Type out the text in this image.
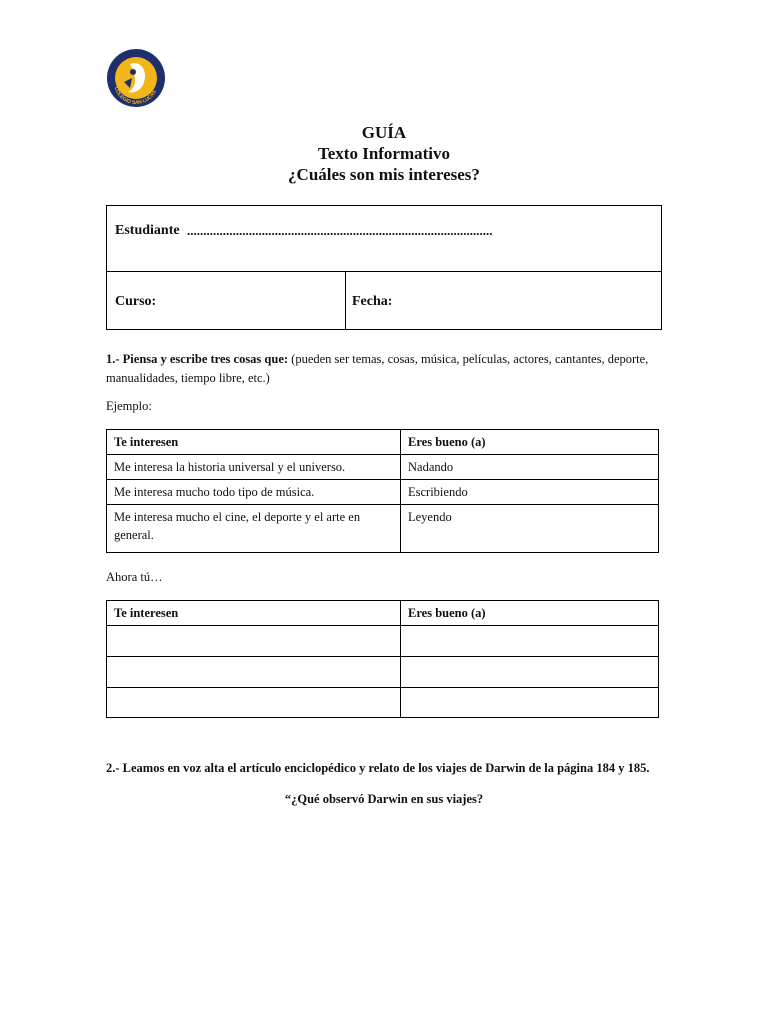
COLEGIO SAN LUCAS
GUÍA
Texto Informativo
¿Cuáles son mis intereses?
Estudiante ..............................................................................................
Curso:	Fecha:
1.- Piensa y escribe tres cosas que: (pueden ser temas, cosas, música, películas, actores, cantantes, deporte, manualidades, tiempo libre, etc.)
Ejemplo:
Te interesen	Eres bueno (a)
Me interesa la historia universal y el universo.	Nadando
Me interesa mucho todo tipo de música.	Escribiendo
Me interesa mucho el cine, el deporte y el arte en general.	Leyendo
Ahora tú…
Te interesen	Eres bueno (a)

2.- Leamos en voz alta el artículo enciclopédico y relato de los viajes de Darwin de la página 184 y 185.
“¿Qué observó Darwin en sus viajes?
